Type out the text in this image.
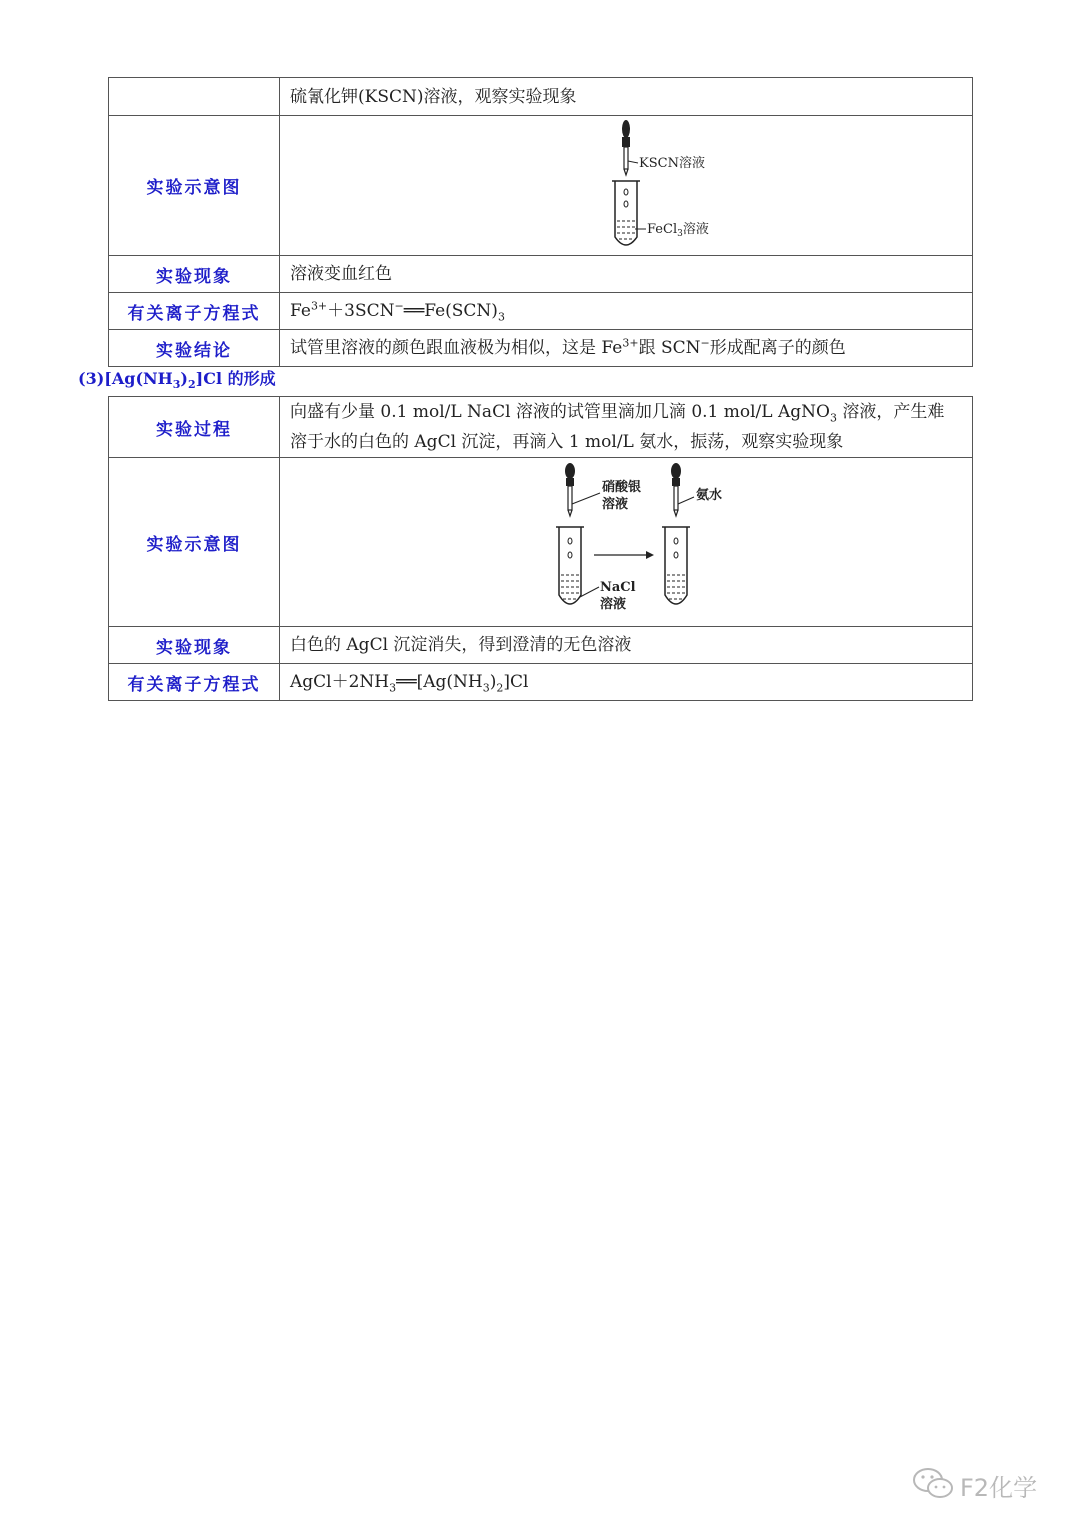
	硫氰化钾(KSCN)溶液，观察实验现象
实验示意图	KSCN溶液
FeCl$_3$溶液

实验现象	溶液变血红色
有关离子方程式	$Fe^{3+}+3SCN^-══Fe(SCN)_3$
实验结论	试管里溶液的颜色跟血液极为相似，这是 $Fe^{3+}$跟 SCN−形成配离子的颜色
$(3)[Ag(NH_3)_2]Cl$ 的形成
实验过程	向盛有少量 0.1 mol/L NaCl 溶液的试管里滴加几滴 0.1 mol/L AgNO$_3$ 溶液，产生难
溶于水的白色的 AgCl 沉淀，再滴入 1 mol/L 氨水，振荡，观察实验现象

实验示意图	硝酸银
溶液
NaCl
溶液
氨水

实验现象	白色的 AgCl 沉淀消失，得到澄清的无色溶液
有关离子方程式	$AgCl+2NH_3══[Ag(NH_3)_2]Cl$
F2化学
